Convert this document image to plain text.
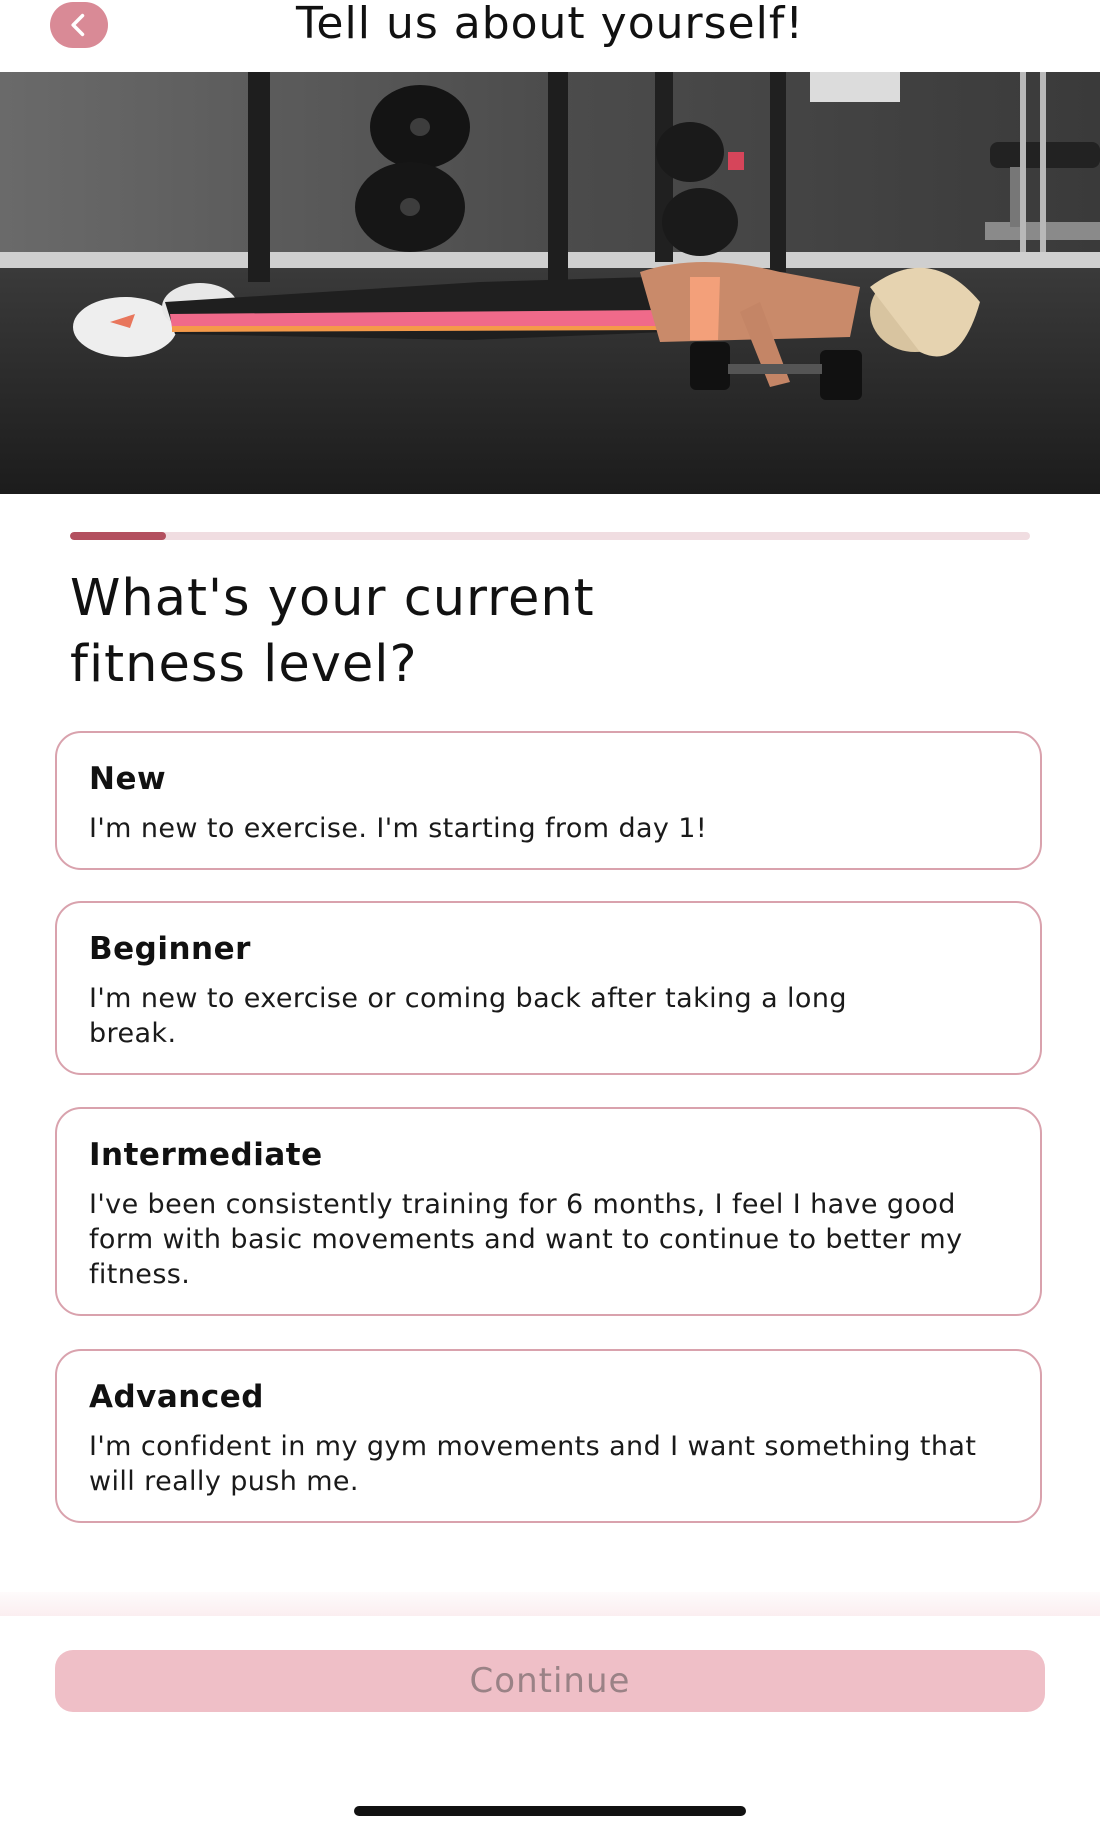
Tell us about yourself!
What's your current fitness level?
New
I'm new to exercise. I'm starting from day 1!
Beginner
I'm new to exercise or coming back after taking a long break.
Intermediate
I've been consistently training for 6 months, I feel I have good form with basic movements and want to continue to better my fitness.
Advanced
I'm confident in my gym movements and I want something that will really push me.
Continue
